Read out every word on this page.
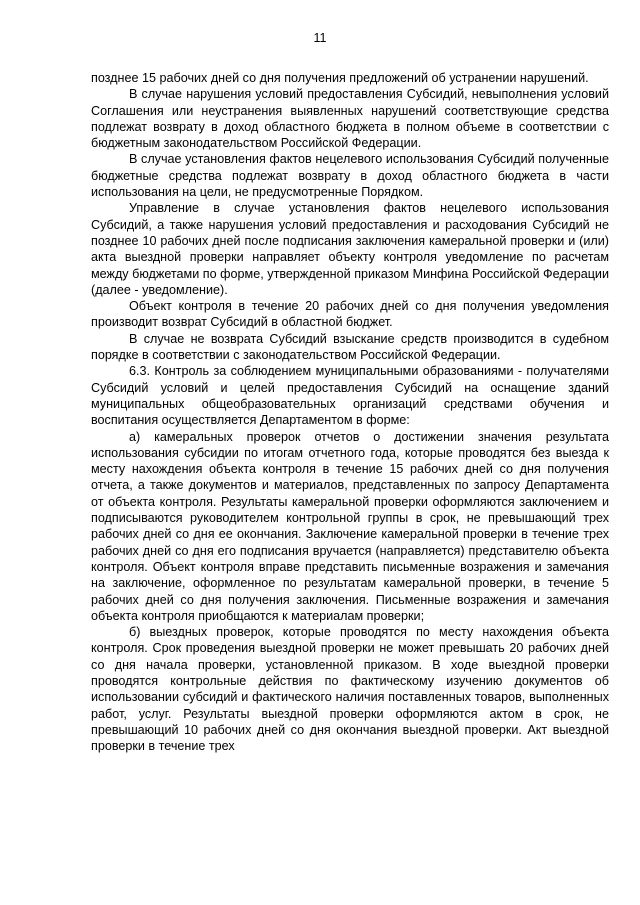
11

позднее 15 рабочих дней со дня получения предложений об устранении нарушений.

В случае нарушения условий предоставления Субсидий, невыполнения условий Соглашения или неустранения выявленных нарушений соответствующие средства подлежат возврату в доход областного бюджета в полном объеме в соответствии с бюджетным законодательством Российской Федерации.

В случае установления фактов нецелевого использования Субсидий полученные бюджетные средства подлежат возврату в доход областного бюджета в части использования на цели, не предусмотренные Порядком.

Управление в случае установления фактов нецелевого использования Субсидий, а также нарушения условий предоставления и расходования Субсидий не позднее 10 рабочих дней после подписания заключения камеральной проверки и (или) акта выездной проверки направляет объекту контроля уведомление по расчетам между бюджетами по форме, утвержденной приказом Минфина Российской Федерации (далее - уведомление).

Объект контроля в течение 20 рабочих дней со дня получения уведомления производит возврат Субсидий в областной бюджет.

В случае не возврата Субсидий взыскание средств производится в судебном порядке в соответствии с законодательством Российской Федерации.

6.3. Контроль за соблюдением муниципальными образованиями - получателями Субсидий условий и целей предоставления Субсидий на оснащение зданий муниципальных общеобразовательных организаций средствами обучения и воспитания осуществляется Департаментом в форме:

а) камеральных проверок отчетов о достижении значения результата использования субсидии по итогам отчетного года, которые проводятся без выезда к месту нахождения объекта контроля в течение 15 рабочих дней со дня получения отчета, а также документов и материалов, представленных по запросу Департамента от объекта контроля. Результаты камеральной проверки оформляются заключением и подписываются руководителем контрольной группы в срок, не превышающий трех рабочих дней со дня ее окончания. Заключение камеральной проверки в течение трех рабочих дней со дня его подписания вручается (направляется) представителю объекта контроля. Объект контроля вправе представить письменные возражения и замечания на заключение, оформленное по результатам камеральной проверки, в течение 5 рабочих дней со дня получения заключения. Письменные возражения и замечания объекта контроля приобщаются к материалам проверки;

б) выездных проверок, которые проводятся по месту нахождения объекта контроля. Срок проведения выездной проверки не может превышать 20 рабочих дней со дня начала проверки, установленной приказом. В ходе выездной проверки проводятся контрольные действия по фактическому изучению документов об использовании субсидий и фактического наличия поставленных товаров, выполненных работ, услуг. Результаты выездной проверки оформляются актом в срок, не превышающий 10 рабочих дней со дня окончания выездной проверки. Акт выездной проверки в течение трех
